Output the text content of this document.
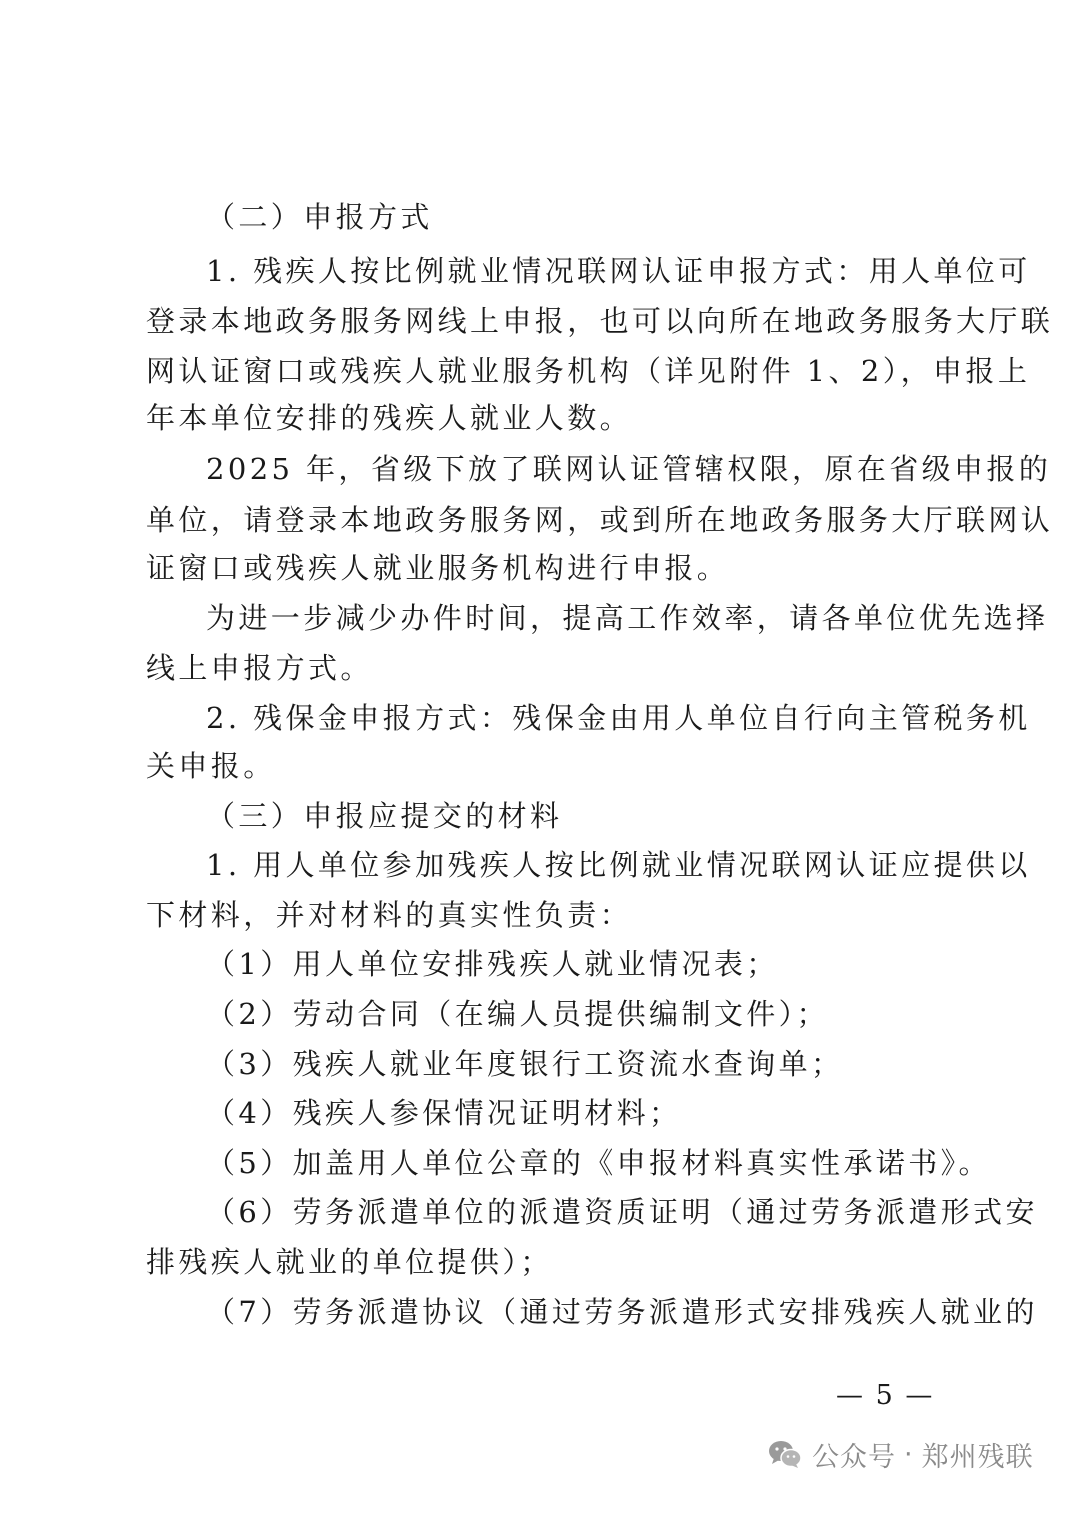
（二）申报方式
1. 残疾人按比例就业情况联网认证申报方式：用人单位可
登录本地政务服务网线上申报，也可以向所在地政务服务大厅联
网认证窗口或残疾人就业服务机构（详见附件 1、2），申报上
年本单位安排的残疾人就业人数。
2025 年，省级下放了联网认证管辖权限，原在省级申报的
单位，请登录本地政务服务网，或到所在地政务服务大厅联网认
证窗口或残疾人就业服务机构进行申报。
为进一步减少办件时间，提高工作效率，请各单位优先选择
线上申报方式。
2. 残保金申报方式：残保金由用人单位自行向主管税务机
关申报。
（三）申报应提交的材料
1. 用人单位参加残疾人按比例就业情况联网认证应提供以
下材料，并对材料的真实性负责：
（1）用人单位安排残疾人就业情况表；
（2）劳动合同（在编人员提供编制文件）；
（3）残疾人就业年度银行工资流水查询单；
（4）残疾人参保情况证明材料；
（5）加盖用人单位公章的《申报材料真实性承诺书》。
（6）劳务派遣单位的派遣资质证明（通过劳务派遣形式安
排残疾人就业的单位提供）；
（7）劳务派遣协议（通过劳务派遣形式安排残疾人就业的
— 5 —
公众号 · 郑州残联
